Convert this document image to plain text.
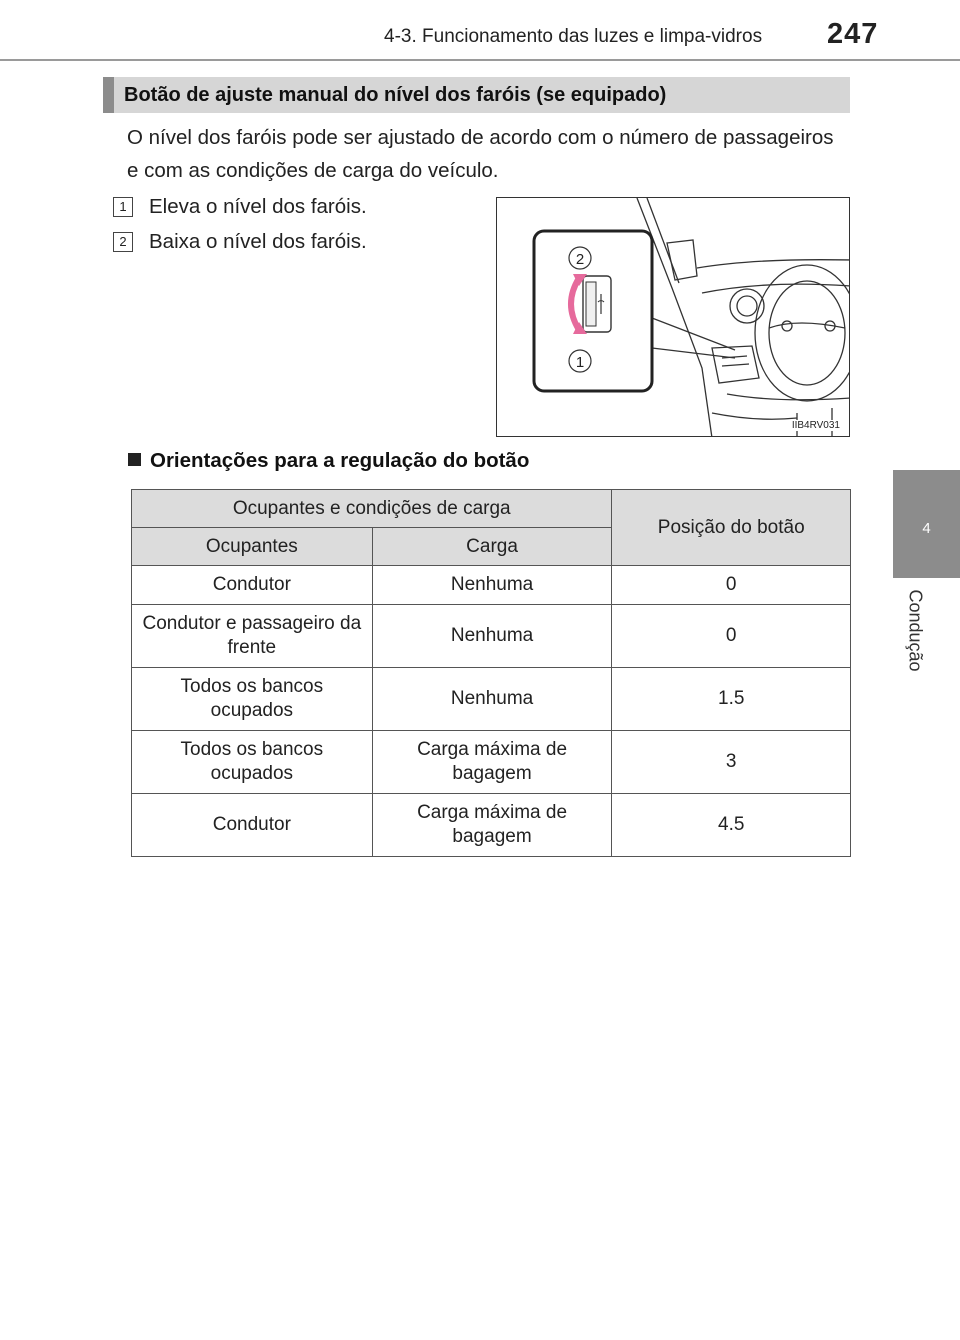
4-3. Funcionamento das luzes e limpa-vidros 247
4
Condução
Botão de ajuste manual do nível dos faróis (se equipado)
O nível dos faróis pode ser ajustado de acordo com o número de passageiros e com as condições de carga do veículo.
1	Eleva o nível dos faróis.
2	Baixa o nível dos faróis.
2
1
IIB4RV031
Orientações para a regulação do botão
Ocupantes e condições de carga		Posição do botão
Ocupantes	Carga	
Condutor	Nenhuma	0
Condutor e passageiro da frente	Nenhuma	0
Todos os bancos ocupados	Nenhuma	1.5
Todos os bancos ocupados	Carga máxima de bagagem	3
Condutor	Carga máxima de bagagem	4.5
